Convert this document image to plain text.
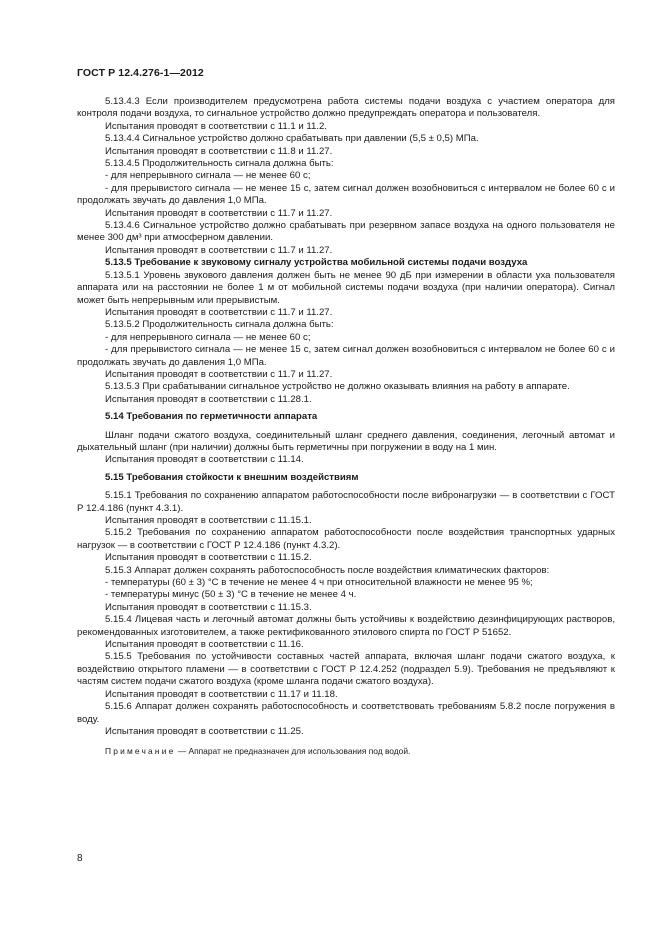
ГОСТ Р 12.4.276-1—2012

5.13.4.3 Если производителем предусмотрена работа системы подачи воздуха с участием оператора для контроля подачи воздуха, то сигнальное устройство должно предупреждать оператора и пользователя.

Испытания проводят в соответствии с 11.1 и 11.2.

5.13.4.4 Сигнальное устройство должно срабатывать при давлении (5,5 ± 0,5) МПа.

Испытания проводят в соответствии с 11.8 и 11.27.

5.13.4.5 Продолжительность сигнала должна быть:

- для непрерывного сигнала — не менее 60 с;

- для прерывистого сигнала — не менее 15 с, затем сигнал должен возобновиться с интервалом не более 60 с и продолжать звучать до давления 1,0 МПа.

Испытания проводят в соответствии с 11.7 и 11.27.

5.13.4.6 Сигнальное устройство должно срабатывать при резервном запасе воздуха на одного пользователя не менее 300 дм³ при атмосферном давлении.

Испытания проводят в соответствии с 11.7 и 11.27.

5.13.5 Требование к звуковому сигналу устройства мобильной системы подачи воздуха

5.13.5.1 Уровень звукового давления должен быть не менее 90 дБ при измерении в области уха пользователя аппарата или на расстоянии не более 1 м от мобильной системы подачи воздуха (при наличии оператора). Сигнал может быть непрерывным или прерывистым.

Испытания проводят в соответствии с 11.7 и 11.27.

5.13.5.2 Продолжительность сигнала должна быть:

- для непрерывного сигнала — не менее 60 с;

- для прерывистого сигнала — не менее 15 с, затем сигнал должен возобновиться с интервалом не более 60 с и продолжать звучать до давления 1,0 МПа.

Испытания проводят в соответствии с 11.7 и 11.27.

5.13.5.3 При срабатывании сигнальное устройство не должно оказывать влияния на работу в аппарате.

Испытания проводят в соответствии с 11.28.1.

5.14 Требования по герметичности аппарата

Шланг подачи сжатого воздуха, соединительный шланг среднего давления, соединения, легочный автомат и дыхательный шланг (при наличии) должны быть герметичны при погружении в воду на 1 мин.

Испытания проводят в соответствии с 11.14.

5.15 Требования стойкости к внешним воздействиям

5.15.1 Требования по сохранению аппаратом работоспособности после вибронагрузки — в соответствии с ГОСТ Р 12.4.186 (пункт 4.3.1).

Испытания проводят в соответствии с 11.15.1.

5.15.2 Требования по сохранению аппаратом работоспособности после воздействия транспортных ударных нагрузок — в соответствии с ГОСТ Р 12.4.186 (пункт 4.3.2).

Испытания проводят в соответствии с 11.15.2.

5.15.3 Аппарат должен сохранять работоспособность после воздействия климатических факторов:

- температуры (60 ± 3) °С в течение не менее 4 ч при относительной влажности не менее 95 %;

- температуры минус (50 ± 3) °С в течение не менее 4 ч.

Испытания проводят в соответствии с 11.15.3.

5.15.4 Лицевая часть и легочный автомат должны быть устойчивы к воздействию дезинфицирующих растворов, рекомендованных изготовителем, а также ректификованного этилового спирта по ГОСТ Р 51652.

Испытания проводят в соответствии с 11.16.

5.15.5 Требования по устойчивости составных частей аппарата, включая шланг подачи сжатого воздуха, к воздействию открытого пламени — в соответствии с ГОСТ Р 12.4.252 (подраздел 5.9). Требования не предъявляют к частям систем подачи сжатого воздуха (кроме шланга подачи сжатого воздуха).

Испытания проводят в соответствии с 11.17 и 11.18.

5.15.6 Аппарат должен сохранять работоспособность и соответствовать требованиям 5.8.2 после погружения в воду.

Испытания проводят в соответствии с 11.25.

Примечание — Аппарат не предназначен для использования под водой.

8
